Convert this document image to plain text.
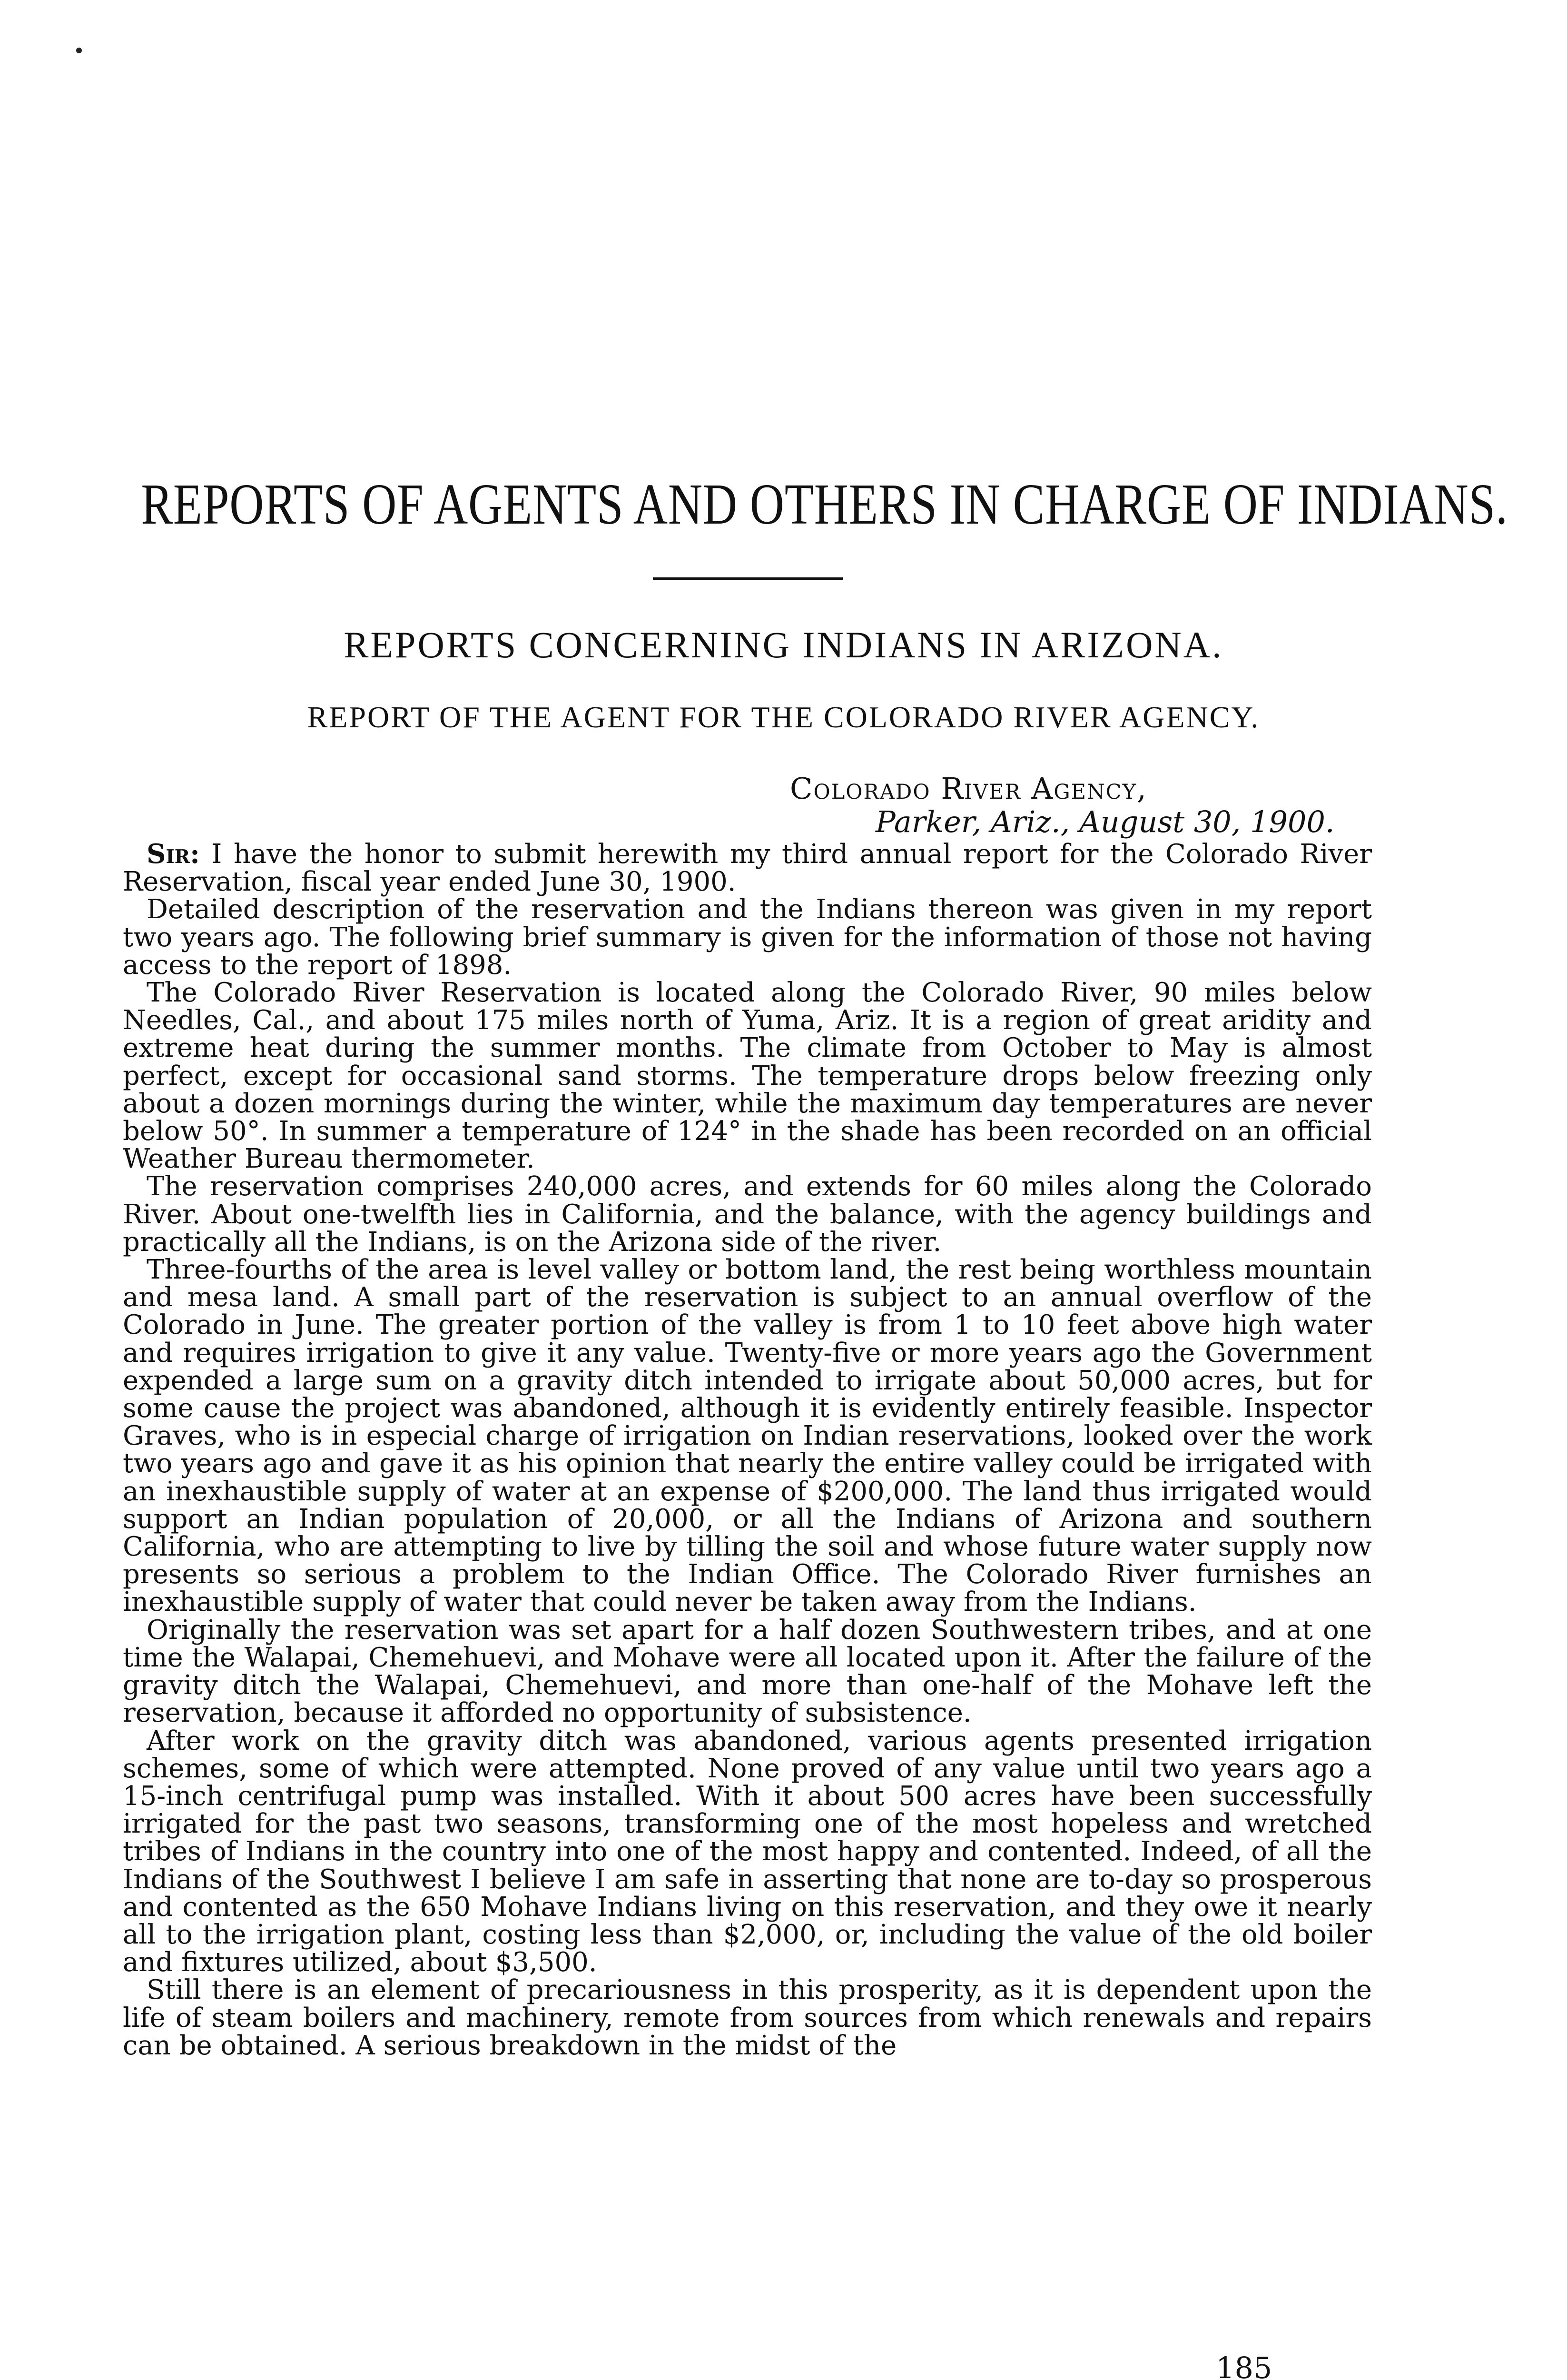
REPORTS OF AGENTS AND OTHERS IN CHARGE OF INDIANS.
REPORTS CONCERNING INDIANS IN ARIZONA.
REPORT OF THE AGENT FOR THE COLORADO RIVER AGENCY.
Colorado River Agency,
Parker, Ariz., August 30, 1900.

Sir: I have the honor to submit herewith my third annual report for the Colorado River Reservation, fiscal year ended June 30, 1900.

Detailed description of the reservation and the Indians thereon was given in my report two years ago. The following brief summary is given for the information of those not having access to the report of 1898.

The Colorado River Reservation is located along the Colorado River, 90 miles below Needles, Cal., and about 175 miles north of Yuma, Ariz. It is a region of great aridity and extreme heat during the summer months. The climate from October to May is almost perfect, except for occasional sand storms. The temperature drops below freezing only about a dozen mornings during the winter, while the maximum day temperatures are never below 50°. In summer a temperature of 124° in the shade has been recorded on an official Weather Bureau thermometer.

The reservation comprises 240,000 acres, and extends for 60 miles along the Colorado River. About one-twelfth lies in California, and the balance, with the agency buildings and practically all the Indians, is on the Arizona side of the river.

Three-fourths of the area is level valley or bottom land, the rest being worthless mountain and mesa land. A small part of the reservation is subject to an annual overflow of the Colorado in June. The greater portion of the valley is from 1 to 10 feet above high water and requires irrigation to give it any value. Twenty-five or more years ago the Government expended a large sum on a gravity ditch intended to irrigate about 50,000 acres, but for some cause the project was abandoned, although it is evidently entirely feasible. Inspector Graves, who is in especial charge of irrigation on Indian reservations, looked over the work two years ago and gave it as his opinion that nearly the entire valley could be irrigated with an inexhaustible supply of water at an expense of $200,000. The land thus irrigated would support an Indian population of 20,000, or all the Indians of Arizona and southern California, who are attempting to live by tilling the soil and whose future water supply now presents so serious a problem to the Indian Office. The Colorado River furnishes an inexhaustible supply of water that could never be taken away from the Indians.

Originally the reservation was set apart for a half dozen Southwestern tribes, and at one time the Walapai, Chemehuevi, and Mohave were all located upon it. After the failure of the gravity ditch the Walapai, Chemehuevi, and more than one-half of the Mohave left the reservation, because it afforded no opportunity of subsistence.

After work on the gravity ditch was abandoned, various agents presented irrigation schemes, some of which were attempted. None proved of any value until two years ago a 15-inch centrifugal pump was installed. With it about 500 acres have been successfully irrigated for the past two seasons, transforming one of the most hopeless and wretched tribes of Indians in the country into one of the most happy and contented. Indeed, of all the Indians of the Southwest I believe I am safe in asserting that none are to-day so prosperous and contented as the 650 Mohave Indians living on this reservation, and they owe it nearly all to the irrigation plant, costing less than $2,000, or, including the value of the old boiler and fixtures utilized, about $3,500.

Still there is an element of precariousness in this prosperity, as it is dependent upon the life of steam boilers and machinery, remote from sources from which renewals and repairs can be obtained. A serious breakdown in the midst of the

185
